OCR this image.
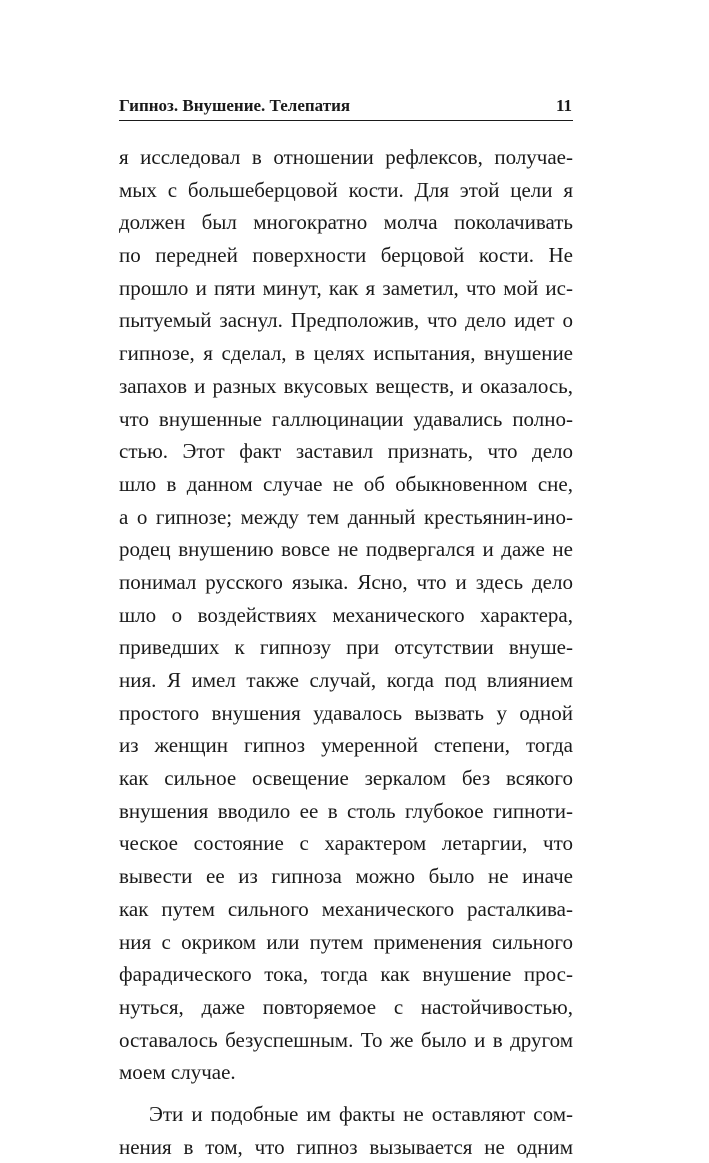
Гипноз. Внушение. Телепатия	11
я исследовал в отношении рефлексов, получае-
мых с большеберцовой кости. Для этой цели я
должен был многократно молча поколачивать
по передней поверхности берцовой кости. Не
прошло и пяти минут, как я заметил, что мой ис-
пытуемый заснул. Предположив, что дело идет о
гипнозе, я сделал, в целях испытания, внушение
запахов и разных вкусовых веществ, и оказалось,
что внушенные галлюцинации удавались полно-
стью. Этот факт заставил признать, что дело
шло в данном случае не об обыкновенном сне,
а о гипнозе; между тем данный крестьянин-ино-
родец внушению вовсе не подвергался и даже не
понимал русского языка. Ясно, что и здесь дело
шло о воздействиях механического характера,
приведших к гипнозу при отсутствии внуше-
ния. Я имел также случай, когда под влиянием
простого внушения удавалось вызвать у одной
из женщин гипноз умеренной степени, тогда
как сильное освещение зеркалом без всякого
внушения вводило ее в столь глубокое гипноти-
ческое состояние с характером летаргии, что
вывести ее из гипноза можно было не иначе
как путем сильного механического расталкива-
ния с окриком или путем применения сильного
фарадического тока, тогда как внушение прос-
нуться, даже повторяемое с настойчивостью,
оставалось безуспешным. То же было и в другом
моем случае.
Эти и подобные им факты не оставляют сом-
нения в том, что гипноз вызывается не одним
